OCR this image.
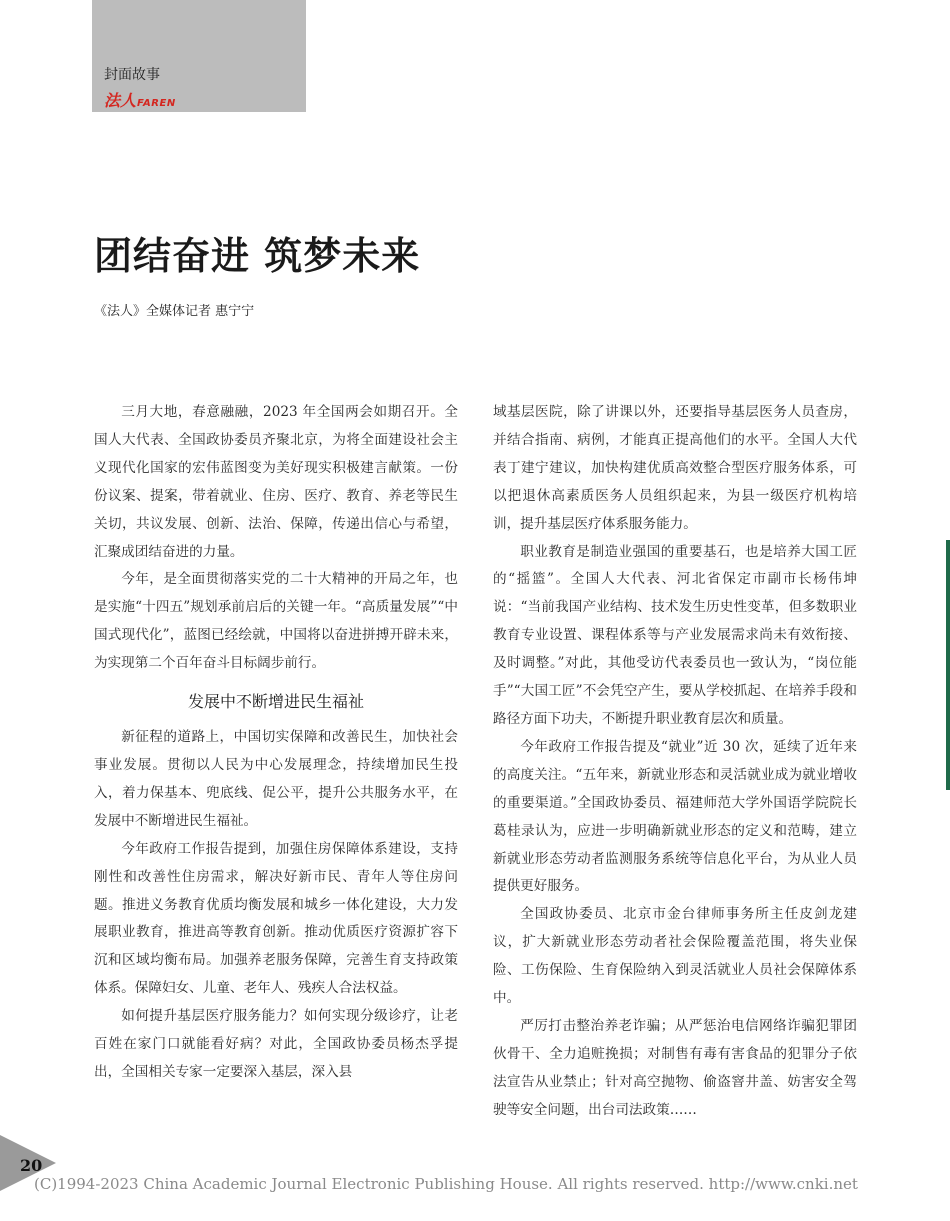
封面故事
法人 FAREN
团结奋进 筑梦未来
《法人》全媒体记者 惠宁宁

三月大地，春意融融，2023 年全国两会如期召开。全国人大代表、全国政协委员齐聚北京，为将全面建设社会主义现代化国家的宏伟蓝图变为美好现实积极建言献策。一份份议案、提案，带着就业、住房、医疗、教育、养老等民生关切，共议发展、创新、法治、保障，传递出信心与希望，汇聚成团结奋进的力量。

今年，是全面贯彻落实党的二十大精神的开局之年，也是实施“十四五”规划承前启后的关键一年。“高质量发展”“中国式现代化”，蓝图已经绘就，中国将以奋进拼搏开辟未来，为实现第二个百年奋斗目标阔步前行。

发展中不断增进民生福祉

新征程的道路上，中国切实保障和改善民生，加快社会事业发展。贯彻以人民为中心发展理念，持续增加民生投入，着力保基本、兜底线、促公平，提升公共服务水平，在发展中不断增进民生福祉。

今年政府工作报告提到，加强住房保障体系建设，支持刚性和改善性住房需求，解决好新市民、青年人等住房问题。推进义务教育优质均衡发展和城乡一体化建设，大力发展职业教育，推进高等教育创新。推动优质医疗资源扩容下沉和区域均衡布局。加强养老服务保障，完善生育支持政策体系。保障妇女、儿童、老年人、残疾人合法权益。

如何提升基层医疗服务能力？如何实现分级诊疗，让老百姓在家门口就能看好病？对此，全国政协委员杨杰孚提出，全国相关专家一定要深入基层，深入县

域基层医院，除了讲课以外，还要指导基层医务人员查房，并结合指南、病例，才能真正提高他们的水平。全国人大代表丁建宁建议，加快构建优质高效整合型医疗服务体系，可以把退休高素质医务人员组织起来，为县一级医疗机构培训，提升基层医疗体系服务能力。

职业教育是制造业强国的重要基石，也是培养大国工匠的“摇篮”。全国人大代表、河北省保定市副市长杨伟坤说：“当前我国产业结构、技术发生历史性变革，但多数职业教育专业设置、课程体系等与产业发展需求尚未有效衔接、及时调整。”对此，其他受访代表委员也一致认为，“岗位能手”“大国工匠”不会凭空产生，要从学校抓起、在培养手段和路径方面下功夫，不断提升职业教育层次和质量。

今年政府工作报告提及“就业”近 30 次，延续了近年来的高度关注。“五年来，新就业形态和灵活就业成为就业增收的重要渠道。”全国政协委员、福建师范大学外国语学院院长葛桂录认为，应进一步明确新就业形态的定义和范畴，建立新就业形态劳动者监测服务系统等信息化平台，为从业人员提供更好服务。

全国政协委员、北京市金台律师事务所主任皮剑龙建议，扩大新就业形态劳动者社会保险覆盖范围，将失业保险、工伤保险、生育保险纳入到灵活就业人员社会保障体系中。

严厉打击整治养老诈骗；从严惩治电信网络诈骗犯罪团伙骨干、全力追赃挽损；对制售有毒有害食品的犯罪分子依法宣告从业禁止；针对高空抛物、偷盗窨井盖、妨害安全驾驶等安全问题，出台司法政策……

20
(C)1994-2023 China Academic Journal Electronic Publishing House. All rights reserved. http://www.cnki.net
